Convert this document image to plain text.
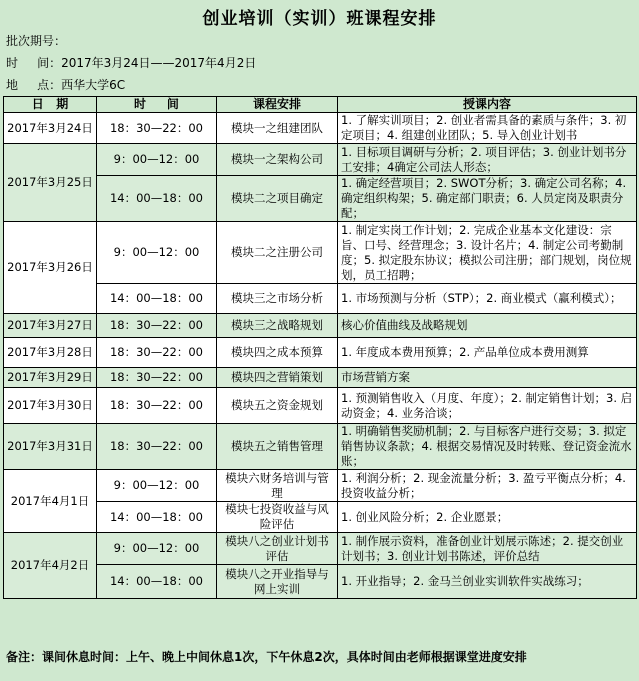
创业培训（实训）班课程安排
批次期号：
时     间：2017年3月24日——2017年4月2日
地     点：西华大学6C
日   期	时     间	课程安排	授课内容
2017年3月24日	18：30—22：00	模块一之组建团队	1. 了解实训项目；2. 创业者需具备的素质与条件；3. 初定项目；4. 组建创业团队；5. 导入创业计划书
2017年3月25日	9：00—12：00	模块一之架构公司	1. 目标项目调研与分析；2. 项目评估；3. 创业计划书分工安排；4确定公司法人形态；
	14：00—18：00	模块二之项目确定	1. 确定经营项目；2. SWOT分析；3. 确定公司名称；4. 确定组织构架；5. 确定部门职责；6. 人员定岗及职责分配；
2017年3月26日	9：00—12：00	模块二之注册公司	1. 制定实岗工作计划；2. 完成企业基本文化建设：宗旨、口号、经营理念；3. 设计名片；4. 制定公司考勤制度；5. 拟定股东协议；模拟公司注册；部门规划，岗位规划，员工招聘；
	14：00—18：00	模块三之市场分析	1. 市场预测与分析（STP）；2. 商业模式（赢利模式）；
2017年3月27日	18：30—22：00	模块三之战略规划	核心价值曲线及战略规划
2017年3月28日	18：30—22：00	模块四之成本预算	1. 年度成本费用预算；2. 产品单位成本费用测算
2017年3月29日	18：30—22：00	模块四之营销策划	市场营销方案
2017年3月30日	18：30—22：00	模块五之资金规划	1. 预测销售收入（月度、年度）；2. 制定销售计划；3. 启动资金；4. 业务洽谈；
2017年3月31日	18：30—22：00	模块五之销售管理	1. 明确销售奖励机制；2. 与目标客户进行交易；3. 拟定销售协议条款；4. 根据交易情况及时转账、登记资金流水账；
2017年4月1日	9：00—12：00	模块六财务培训与管理	1. 利润分析；2. 现金流量分析；3. 盈亏平衡点分析；4. 投资收益分析；
	14：00—18：00	模块七投资收益与风险评估	1. 创业风险分析；2. 企业愿景；
2017年4月2日	9：00—12：00	模块八之创业计划书评估	1. 制作展示资料，准备创业计划展示陈述；2. 提交创业计划书；3. 创业计划书陈述，评价总结
	14：00—18：00	模块八之开业指导与网上实训	1. 开业指导；2. 金马兰创业实训软件实战练习；
备注：课间休息时间：上午、晚上中间休息1次，下午休息2次，具体时间由老师根据课堂进度安排
